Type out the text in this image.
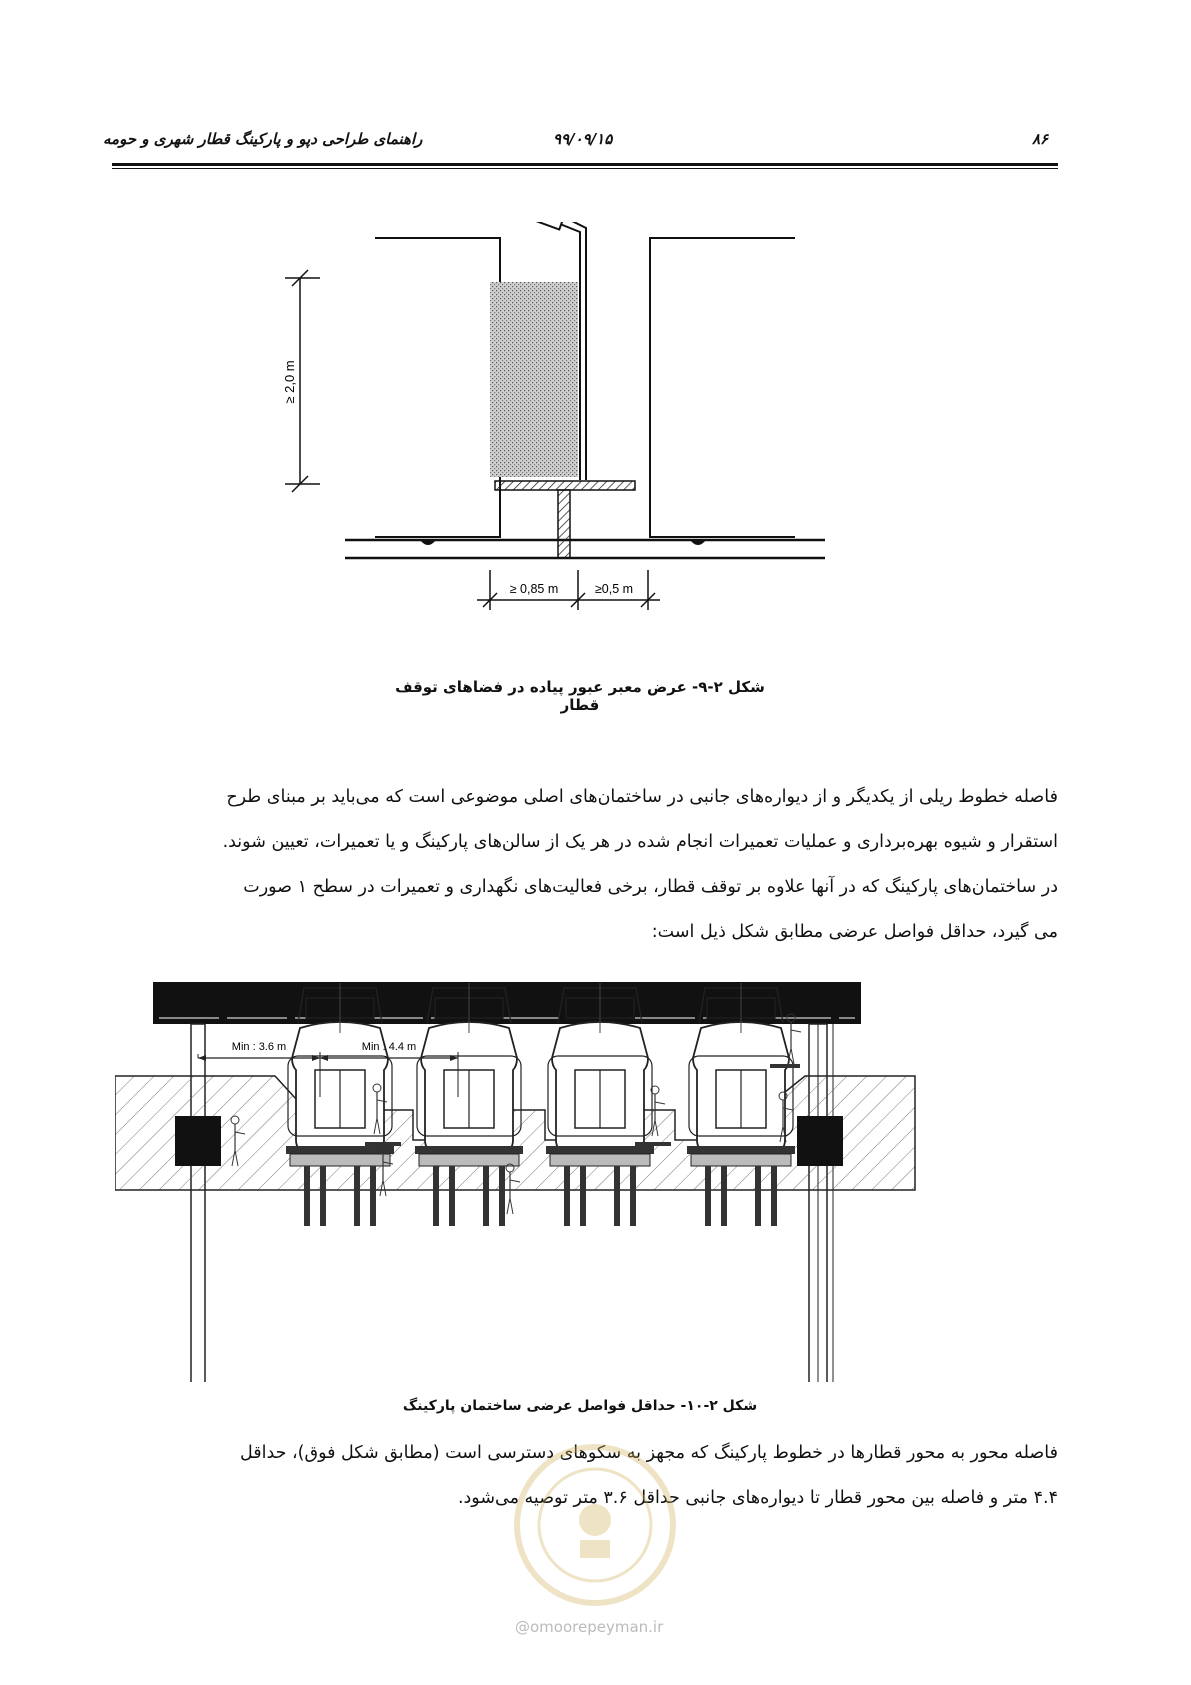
راهنمای طراحی دپو و پارکینگ قطار شهری و حومه	۹۹/۰۹/۱۵	۸۶
≥ 2,0 m
≥ 0,85 m	≥0,5 m
شکل ۲-۹- عرض معبر عبور پیاده در فضاهای توقف قطار

فاصله خطوط ریلی از یکدیگر و از دیواره‌های جانبی در ساختمان‌های اصلی موضوعی است که می‌باید بر مبنای طرح

استقرار و شیوه بهره‌برداری و عملیات تعمیرات انجام شده در هر یک از سالن‌های پارکینگ و یا تعمیرات، تعیین شوند.

در ساختمان‌های پارکینگ که در آنها علاوه بر توقف قطار، برخی فعالیت‌های نگهداری و تعمیرات در سطح ۱ صورت

می گیرد، حداقل فواصل عرضی مطابق شکل ذیل است:

Min : 3.6 m	Min : 4.4 m
شکل ۲-۱۰- حداقل فواصل عرضی ساختمان پارکینگ

فاصله محور به محور قطارها در خطوط پارکینگ که مجهز به سکوهای دسترسی است (مطابق شکل فوق)، حداقل

۴.۴ متر و فاصله بین محور قطار تا دیواره‌های جانبی حداقل ۳.۶ متر توصیه می‌شود.

@omoorepeyman.ir
